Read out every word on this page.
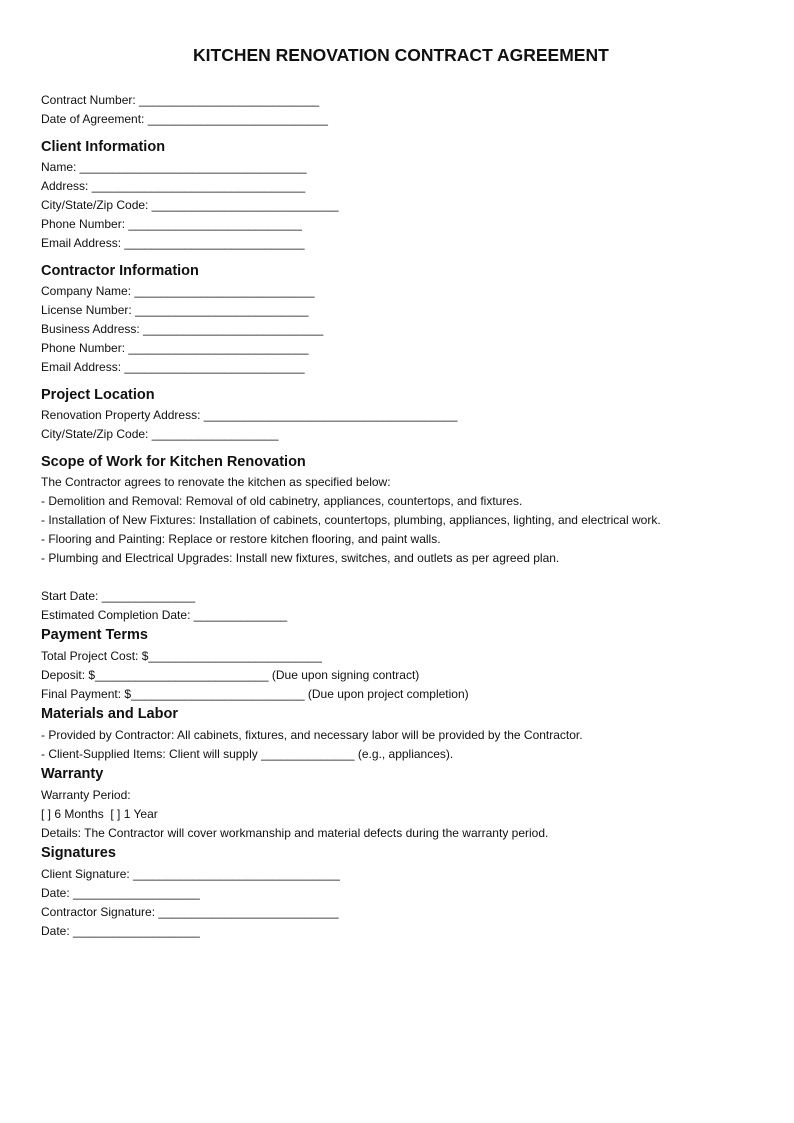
KITCHEN RENOVATION CONTRACT AGREEMENT
Contract Number: ___________________________
Date of Agreement: ___________________________
Client Information
Name: __________________________________
Address: ________________________________
City/State/Zip Code: ____________________________
Phone Number: __________________________
Email Address: ___________________________
Contractor Information
Company Name: ___________________________
License Number: __________________________
Business Address: ___________________________
Phone Number: ___________________________
Email Address: ___________________________
Project Location
Renovation Property Address: ______________________________________
City/State/Zip Code: ___________________
Scope of Work for Kitchen Renovation
The Contractor agrees to renovate the kitchen as specified below:
- Demolition and Removal: Removal of old cabinetry, appliances, countertops, and fixtures.
- Installation of New Fixtures: Installation of cabinets, countertops, plumbing, appliances, lighting, and electrical work.
- Flooring and Painting: Replace or restore kitchen flooring, and paint walls.
- Plumbing and Electrical Upgrades: Install new fixtures, switches, and outlets as per agreed plan.
Start Date: ______________
Estimated Completion Date: ______________
Payment Terms
Total Project Cost: $__________________________
Deposit: $__________________________ (Due upon signing contract)
Final Payment: $__________________________ (Due upon project completion)
Materials and Labor
- Provided by Contractor: All cabinets, fixtures, and necessary labor will be provided by the Contractor.
- Client-Supplied Items: Client will supply ______________ (e.g., appliances).
Warranty
Warranty Period:
[ ] 6 Months  [ ] 1 Year
Details: The Contractor will cover workmanship and material defects during the warranty period.
Signatures
Client Signature: _______________________________
Date: ___________________
Contractor Signature: ___________________________
Date: ___________________
